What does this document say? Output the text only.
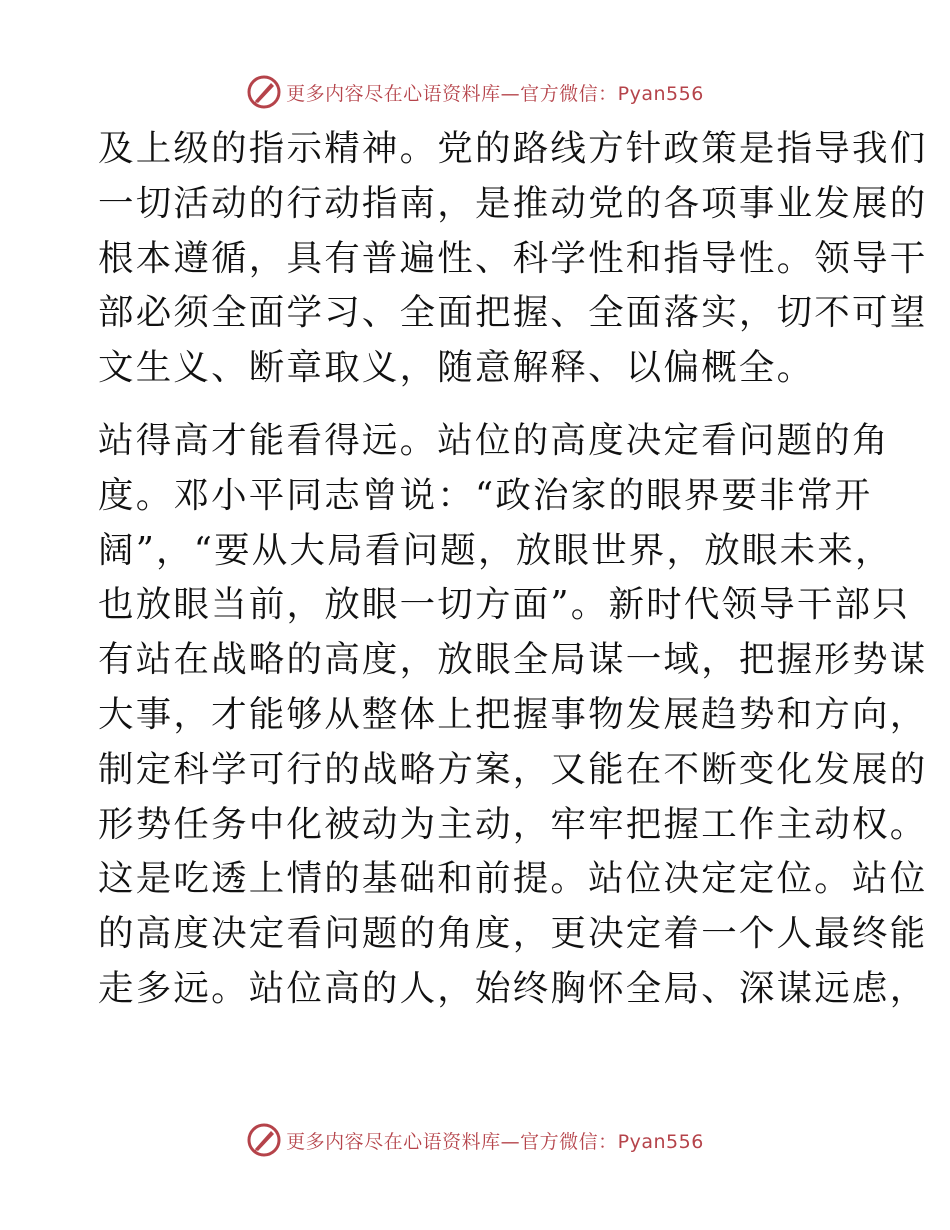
更多内容尽在心语资料库—官方微信：Pyan556
及上级的指示精神。党的路线方针政策是指导我们
一切活动的行动指南，是推动党的各项事业发展的
根本遵循，具有普遍性、科学性和指导性。领导干
部必须全面学习、全面把握、全面落实，切不可望
文生义、断章取义，随意解释、以偏概全。
站得高才能看得远。站位的高度决定看问题的角
度。邓小平同志曾说：“政治家的眼界要非常开
阔”，“要从大局看问题，放眼世界，放眼未来，
也放眼当前，放眼一切方面”。新时代领导干部只
有站在战略的高度，放眼全局谋一域，把握形势谋
大事，才能够从整体上把握事物发展趋势和方向，
制定科学可行的战略方案，又能在不断变化发展的
形势任务中化被动为主动，牢牢把握工作主动权。
这是吃透上情的基础和前提。站位决定定位。站位
的高度决定看问题的角度，更决定着一个人最终能
走多远。站位高的人，始终胸怀全局、深谋远虑，
更多内容尽在心语资料库—官方微信：Pyan556
